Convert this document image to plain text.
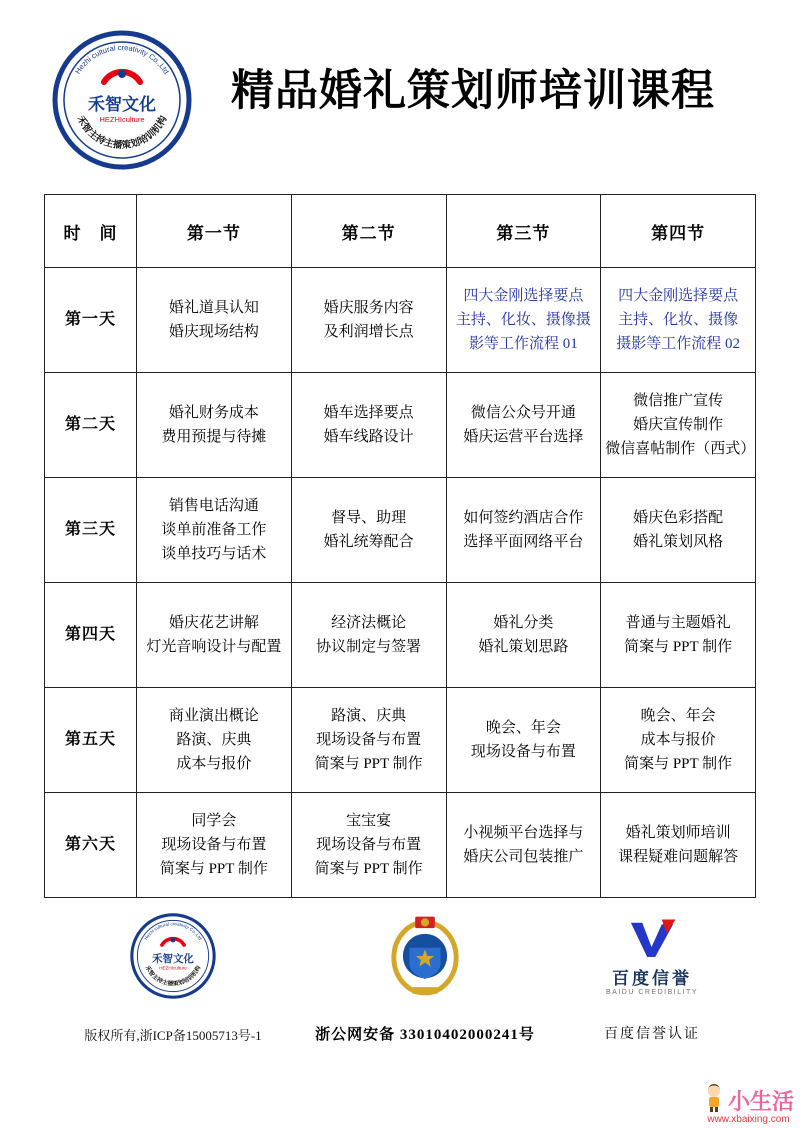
Hezhi cultural creativity Co.,Ltd
禾智主持主播策划培训机构
禾智文化
HEZHIculture
精品婚礼策划师培训课程
时　间	第一节	第二节	第三节	第四节
第一天	
婚礼道具认知
婚庆现场结构

婚庆服务内容
及利润增长点

四大金刚选择要点
主持、化妆、摄像摄
影等工作流程 01

四大金刚选择要点
主持、化妆、摄像
摄影等工作流程 02

第二天	
婚礼财务成本
费用预提与待摊

婚车选择要点
婚车线路设计

微信公众号开通
婚庆运营平台选择

微信推广宣传
婚庆宣传制作
微信喜帖制作（西式）

第三天	
销售电话沟通
谈单前准备工作
谈单技巧与话术

督导、助理
婚礼统筹配合

如何签约酒店合作
选择平面网络平台

婚庆色彩搭配
婚礼策划风格

第四天	
婚庆花艺讲解
灯光音响设计与配置

经济法概论
协议制定与签署

婚礼分类
婚礼策划思路

普通与主题婚礼
简案与 PPT 制作

第五天	
商业演出概论
路演、庆典
成本与报价

路演、庆典
现场设备与布置
简案与 PPT 制作

晚会、年会
现场设备与布置

晚会、年会
成本与报价
简案与 PPT 制作

第六天	
同学会
现场设备与布置
简案与 PPT 制作

宝宝宴
现场设备与布置
简案与 PPT 制作

小视频平台选择与
婚庆公司包装推广

婚礼策划师培训
课程疑难问题解答
Hezhi cultural creativity Co.,Ltd
禾智主持主播策划培训机构
禾智文化
HEZHIculture
版权所有,浙ICP备15005713号-1	浙公网安备 33010402000241号
百度信誉
BAIDU CREDIBILITY
百度信誉认证
小生活
www.xbaixing.com
